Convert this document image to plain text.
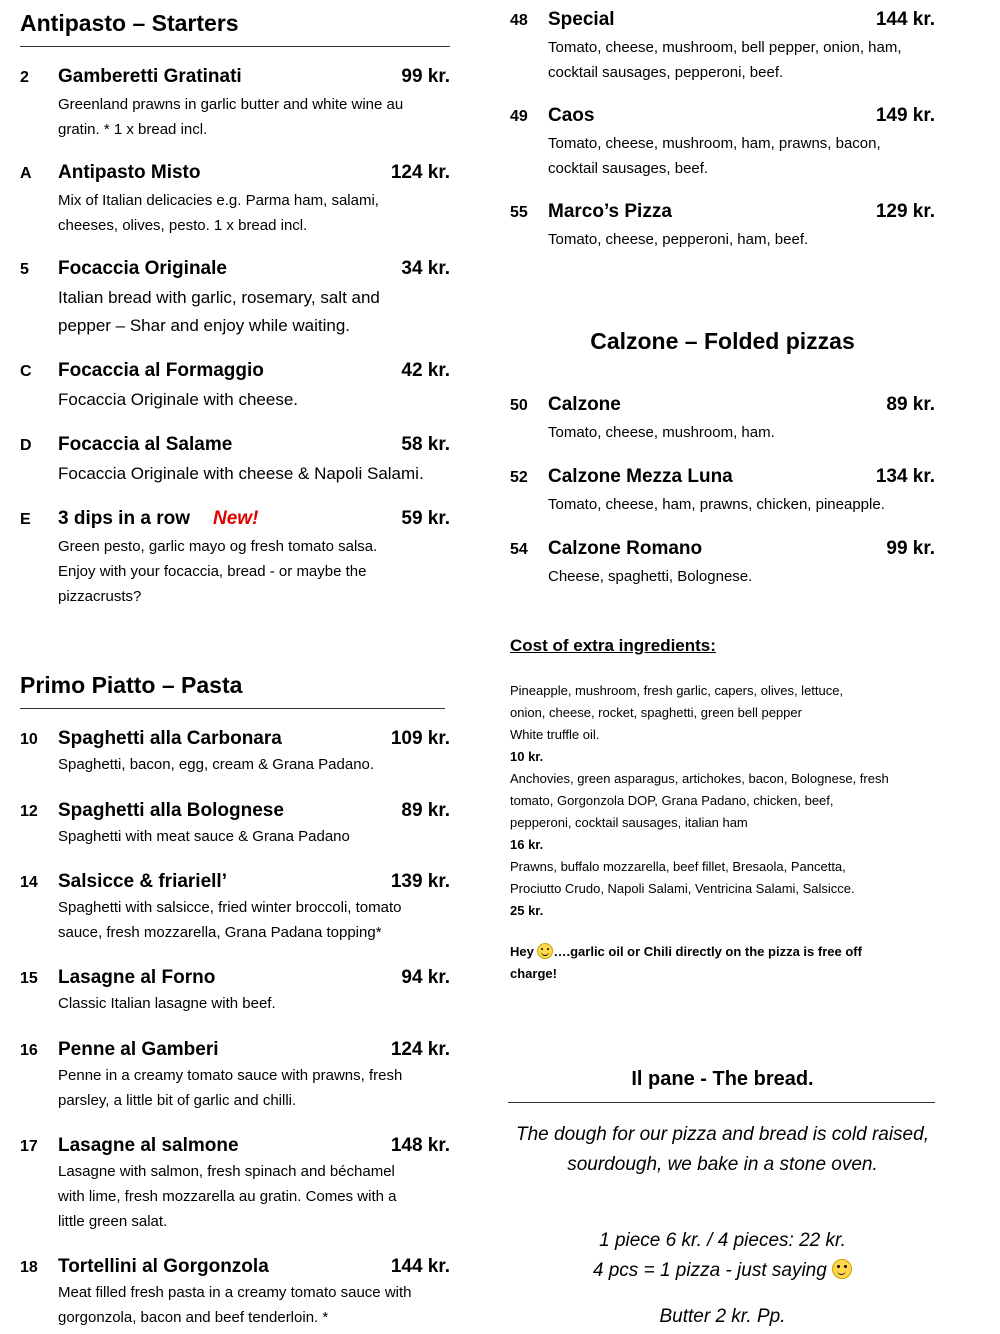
Antipasto – Starters
2 Gamberetti Gratinati	99 kr.
Greenland prawns in garlic butter and white wine au
gratin. * 1 x bread incl.
A Antipasto Misto	124 kr.
Mix of Italian delicacies e.g. Parma ham, salami,
cheeses, olives, pesto. 1 x bread incl.
5 Focaccia Originale	34 kr.
Italian bread with garlic, rosemary, salt and
pepper – Shar and enjoy while waiting.
C Focaccia al Formaggio	42 kr.
Focaccia Originale with cheese.
D Focaccia al Salame	58 kr.
Focaccia Originale with cheese & Napoli Salami.
E 3 dips in a row New!	59 kr.
Green pesto, garlic mayo og fresh tomato salsa.
Enjoy with your focaccia, bread - or maybe the
pizzacrusts?
Primo Piatto – Pasta
10 Spaghetti alla Carbonara	109 kr.
Spaghetti, bacon, egg, cream & Grana Padano.
12 Spaghetti alla Bolognese	89 kr.
Spaghetti with meat sauce & Grana Padano
14 Salsicce & friariell’	139 kr.
Spaghetti with salsicce, fried winter broccoli, tomato
sauce, fresh mozzarella, Grana Padana topping*
15 Lasagne al Forno	94 kr.
Classic Italian lasagne with beef.
16 Penne al Gamberi	124 kr.
Penne in a creamy tomato sauce with prawns, fresh
parsley, a little bit of garlic and chilli.
17 Lasagne al salmone	148 kr.
Lasagne with salmon, fresh spinach and béchamel
with lime, fresh mozzarella au gratin. Comes with a
little green salat.
18 Tortellini al Gorgonzola	144 kr.
Meat filled fresh pasta in a creamy tomato sauce with
gorgonzola, bacon and beef tenderloin. *
48 Special	144 kr.
Tomato, cheese, mushroom, bell pepper, onion, ham,
cocktail sausages, pepperoni, beef.
49 Caos	149 kr.
Tomato, cheese, mushroom, ham, prawns, bacon,
cocktail sausages, beef.
55 Marco’s Pizza	129 kr.
Tomato, cheese, pepperoni, ham, beef.
Calzone – Folded pizzas
50 Calzone	89 kr.
Tomato, cheese, mushroom, ham.
52 Calzone Mezza Luna	134 kr.
Tomato, cheese, ham, prawns, chicken, pineapple.
54 Calzone Romano	99 kr.
Cheese, spaghetti, Bolognese.
Cost of extra ingredients:
Pineapple, mushroom, fresh garlic, capers, olives, lettuce,
onion, cheese, rocket, spaghetti, green bell pepper
White truffle oil.
10 kr.
Anchovies, green asparagus, artichokes, bacon, Bolognese, fresh
tomato, Gorgonzola DOP, Grana Padano, chicken, beef,
pepperoni, cocktail sausages, italian ham
16 kr.
Prawns, buffalo mozzarella, beef fillet, Bresaola, Pancetta,
Prociutto Crudo, Napoli Salami, Ventricina Salami, Salsicce.
25 kr.
Hey ….garlic oil or Chili directly on the pizza is free off
charge!
Il pane - The bread.
The dough for our pizza and bread is cold raised,
sourdough, we bake in a stone oven.
1 piece 6 kr. / 4 pieces: 22 kr.
4 pcs = 1 pizza - just saying
Butter 2 kr. Pp.
